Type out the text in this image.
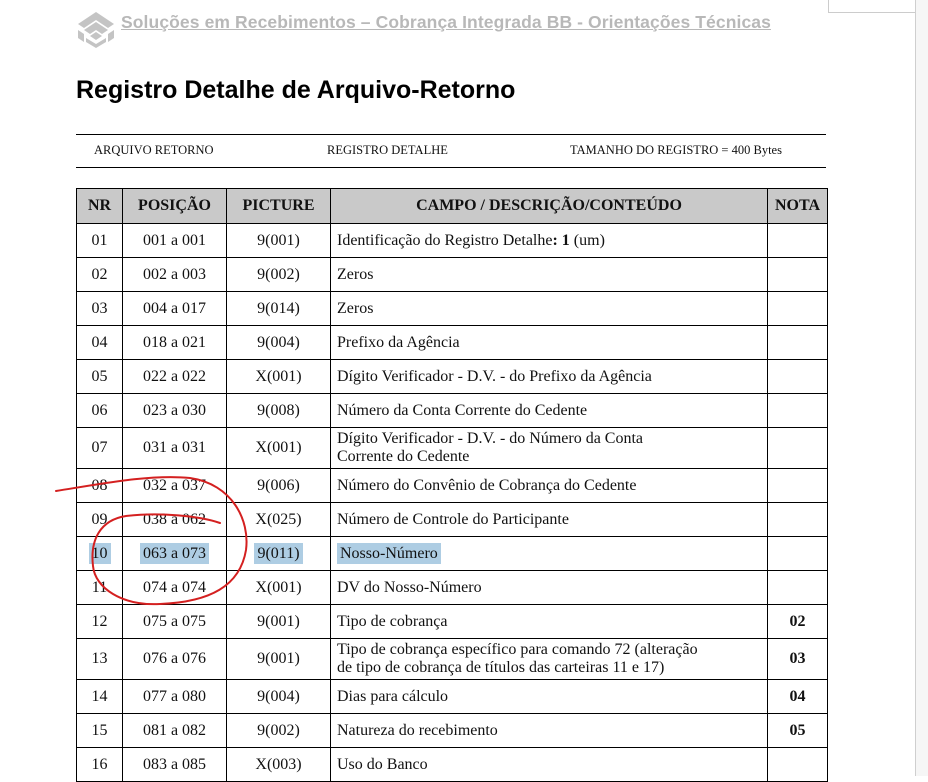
Soluções em Recebimentos – Cobrança Integrada BB - Orientações Técnicas
Registro Detalhe de Arquivo-Retorno
ARQUIVO RETORNO	REGISTRO DETALHE	TAMANHO DO REGISTRO = 400 Bytes
NR	POSIÇÃO	PICTURE	CAMPO / DESCRIÇÃO/CONTEÚDO	NOTA
01	001 a 001	9(001)	Identificação do Registro Detalhe: 1 (um)	
02	002 a 003	9(002)	Zeros	
03	004 a 017	9(014)	Zeros	
04	018 a 021	9(004)	Prefixo da Agência	
05	022 a 022	X(001)	Dígito Verificador - D.V. - do Prefixo da Agência	
06	023 a 030	9(008)	Número da Conta Corrente do Cedente	
07	031 a 031	X(001)	Dígito Verificador - D.V. - do Número da Conta
Corrente do Cedente	
08	032 a 037	9(006)	Número do Convênio de Cobrança do Cedente	
09	038 a 062	X(025)	Número de Controle do Participante	
10	063 a 073	9(011)	Nosso-Número	
11	074 a 074	X(001)	DV do Nosso-Número	
12	075 a 075	9(001)	Tipo de cobrança	02
13	076 a 076	9(001)	Tipo de cobrança específico para comando 72 (alteração
de tipo de cobrança de títulos das carteiras 11 e 17)	03
14	077 a 080	9(004)	Dias para cálculo	04
15	081 a 082	9(002)	Natureza do recebimento	05
16	083 a 085	X(003)	Uso do Banco	
